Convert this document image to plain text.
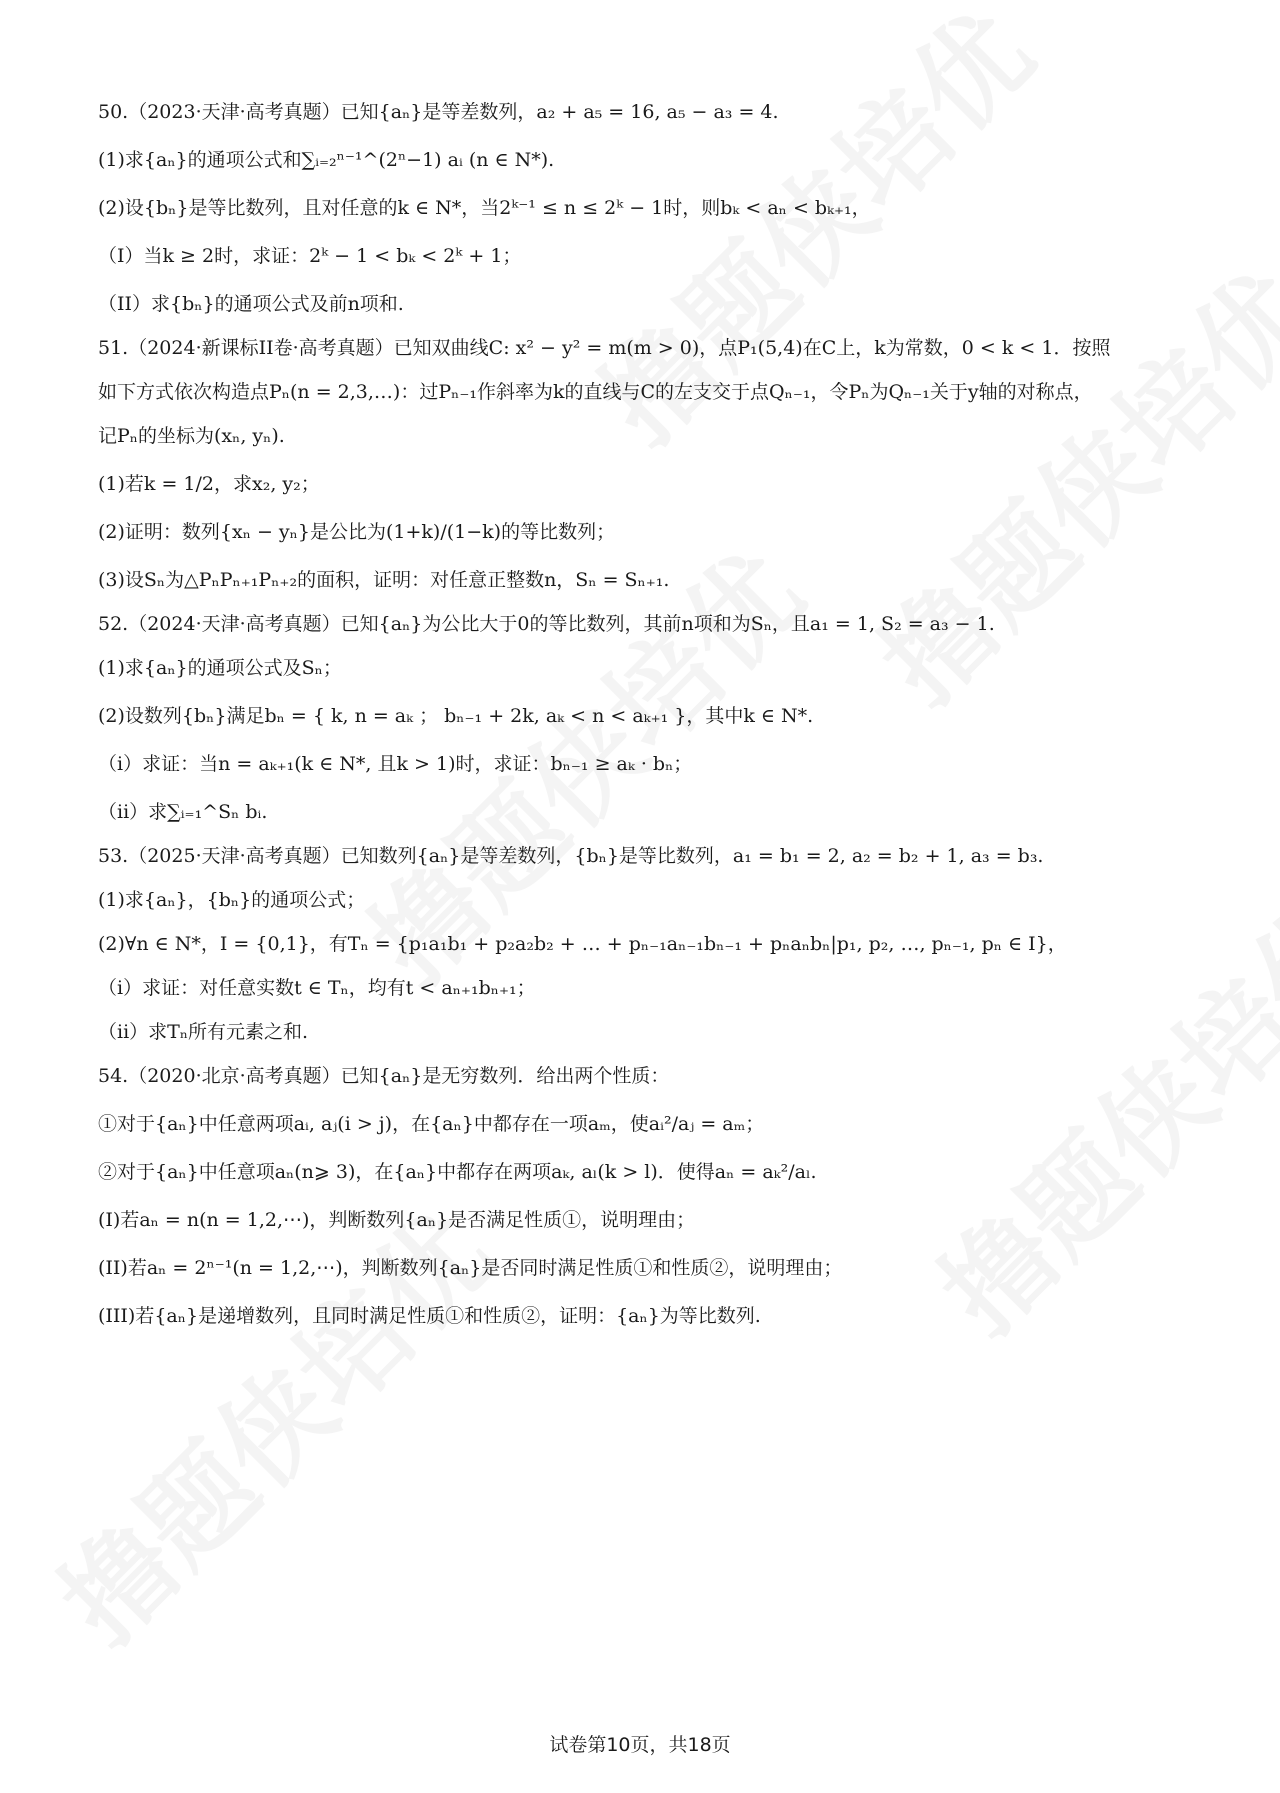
50.（2023·天津·高考真题）已知{aₙ}是等差数列，a₂ + a₅ = 16, a₅ − a₃ = 4.

(1)求{aₙ}的通项公式和∑ᵢ₌₂ⁿ⁻¹^(2ⁿ−1) aᵢ (n ∈ N*).

(2)设{bₙ}是等比数列，且对任意的k ∈ N*，当2ᵏ⁻¹ ≤ n ≤ 2ᵏ − 1时，则bₖ < aₙ < bₖ₊₁，

（I）当k ≥ 2时，求证：2ᵏ − 1 < bₖ < 2ᵏ + 1；

（II）求{bₙ}的通项公式及前n项和.

51.（2024·新课标II卷·高考真题）已知双曲线C: x² − y² = m(m > 0)，点P₁(5,4)在C上，k为常数，0 < k < 1．按照

如下方式依次构造点Pₙ(n = 2,3,…)：过Pₙ₋₁作斜率为k的直线与C的左支交于点Qₙ₋₁，令Pₙ为Qₙ₋₁关于y轴的对称点，

记Pₙ的坐标为(xₙ, yₙ).

(1)若k = 1/2，求x₂, y₂；

(2)证明：数列{xₙ − yₙ}是公比为(1+k)/(1−k)的等比数列；

(3)设Sₙ为△PₙPₙ₊₁Pₙ₊₂的面积，证明：对任意正整数n，Sₙ = Sₙ₊₁.

52.（2024·天津·高考真题）已知{aₙ}为公比大于0的等比数列，其前n项和为Sₙ，且a₁ = 1, S₂ = a₃ − 1.

(1)求{aₙ}的通项公式及Sₙ；

(2)设数列{bₙ}满足bₙ = { k, n = aₖ ； bₙ₋₁ + 2k, aₖ < n < aₖ₊₁ }，其中k ∈ N*.

（i）求证：当n = aₖ₊₁(k ∈ N*, 且k > 1)时，求证：bₙ₋₁ ≥ aₖ · bₙ；

（ii）求∑ᵢ₌₁^Sₙ bᵢ.

53.（2025·天津·高考真题）已知数列{aₙ}是等差数列，{bₙ}是等比数列，a₁ = b₁ = 2, a₂ = b₂ + 1, a₃ = b₃.

(1)求{aₙ}，{bₙ}的通项公式；

(2)∀n ∈ N*，I = {0,1}，有Tₙ = {p₁a₁b₁ + p₂a₂b₂ + … + pₙ₋₁aₙ₋₁bₙ₋₁ + pₙaₙbₙ|p₁, p₂, …, pₙ₋₁, pₙ ∈ I}，

（i）求证：对任意实数t ∈ Tₙ，均有t < aₙ₊₁bₙ₊₁；

（ii）求Tₙ所有元素之和.

54.（2020·北京·高考真题）已知{aₙ}是无穷数列．给出两个性质：

①对于{aₙ}中任意两项aᵢ, aⱼ(i > j)，在{aₙ}中都存在一项aₘ，使aᵢ²/aⱼ = aₘ；

②对于{aₙ}中任意项aₙ(n⩾ 3)，在{aₙ}中都存在两项aₖ, aₗ(k > l)．使得aₙ = aₖ²/aₗ.

(I)若aₙ = n(n = 1,2,⋯)，判断数列{aₙ}是否满足性质①，说明理由；

(II)若aₙ = 2ⁿ⁻¹(n = 1,2,⋯)，判断数列{aₙ}是否同时满足性质①和性质②，说明理由；

(III)若{aₙ}是递增数列，且同时满足性质①和性质②，证明：{aₙ}为等比数列.

试卷第10页，共18页
